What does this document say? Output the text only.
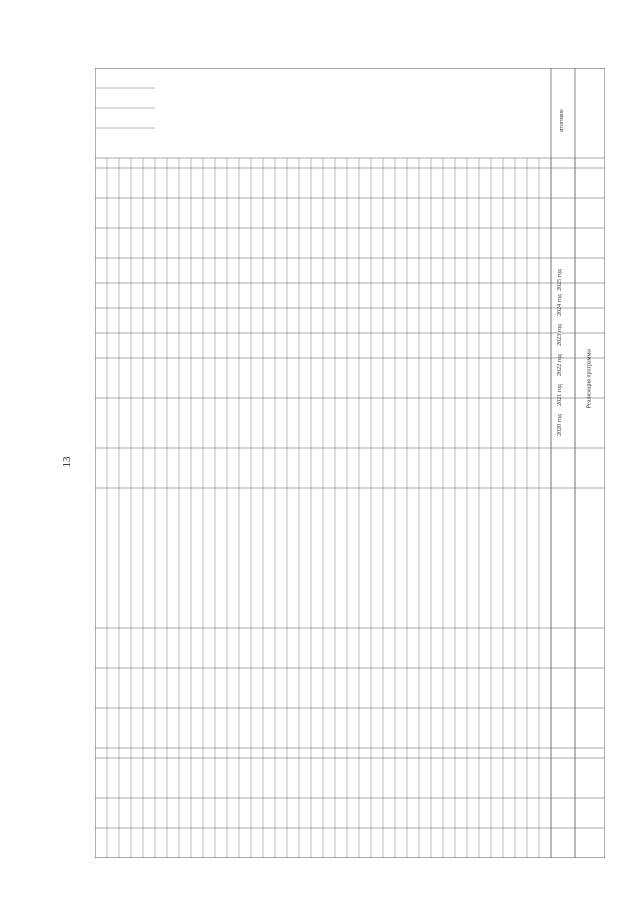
13
Реализация программы
итоговое
2020 год
2021 год
2022 год
2023 год
2024 год
2025 год
